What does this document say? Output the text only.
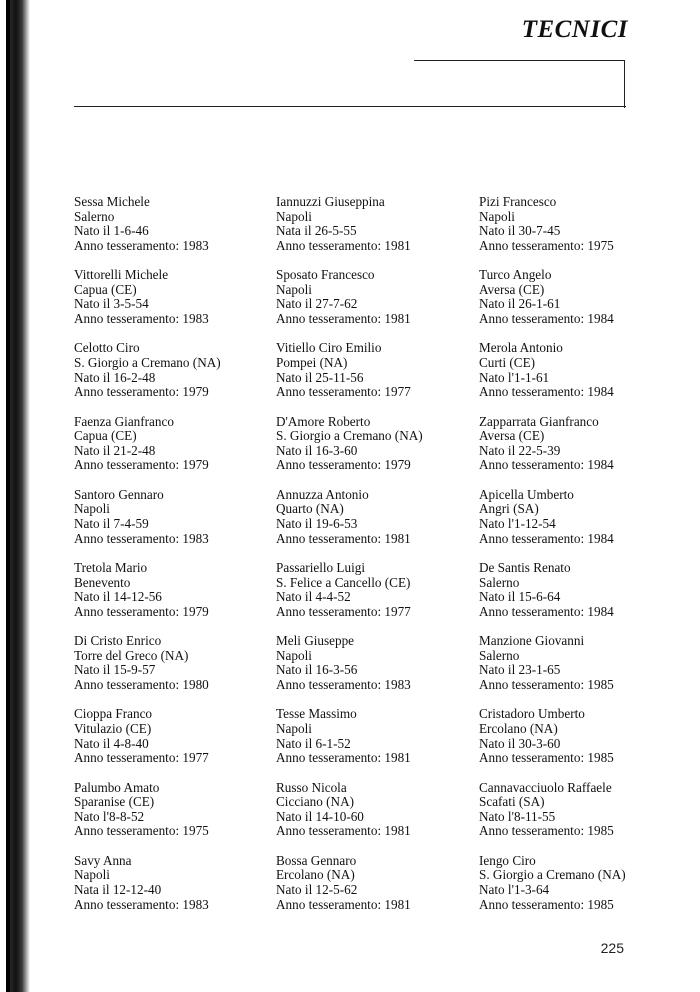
TECNICI
Sessa Michele
Salerno
Nato il 1-6-46
Anno tesseramento: 1983
Vittorelli Michele
Capua (CE)
Nato il 3-5-54
Anno tesseramento: 1983
Celotto Ciro
S. Giorgio a Cremano (NA)
Nato il 16-2-48
Anno tesseramento: 1979
Faenza Gianfranco
Capua (CE)
Nato il 21-2-48
Anno tesseramento: 1979
Santoro Gennaro
Napoli
Nato il 7-4-59
Anno tesseramento: 1983
Tretola Mario
Benevento
Nato il 14-12-56
Anno tesseramento: 1979
Di Cristo Enrico
Torre del Greco (NA)
Nato il 15-9-57
Anno tesseramento: 1980
Cioppa Franco
Vitulazio (CE)
Nato il 4-8-40
Anno tesseramento: 1977
Palumbo Amato
Sparanise (CE)
Nato l'8-8-52
Anno tesseramento: 1975
Savy Anna
Napoli
Nata il 12-12-40
Anno tesseramento: 1983
Iannuzzi Giuseppina
Napoli
Nata il 26-5-55
Anno tesseramento: 1981
Sposato Francesco
Napoli
Nato il 27-7-62
Anno tesseramento: 1981
Vitiello Ciro Emilio
Pompei (NA)
Nato il 25-11-56
Anno tesseramento: 1977
D'Amore Roberto
S. Giorgio a Cremano (NA)
Nato il 16-3-60
Anno tesseramento: 1979
Annuzza Antonio
Quarto (NA)
Nato il 19-6-53
Anno tesseramento: 1981
Passariello Luigi
S. Felice a Cancello (CE)
Nato il 4-4-52
Anno tesseramento: 1977
Meli Giuseppe
Napoli
Nato il 16-3-56
Anno tesseramento: 1983
Tesse Massimo
Napoli
Nato il 6-1-52
Anno tesseramento: 1981
Russo Nicola
Cicciano (NA)
Nato il 14-10-60
Anno tesseramento: 1981
Bossa Gennaro
Ercolano (NA)
Nato il 12-5-62
Anno tesseramento: 1981
Pizi Francesco
Napoli
Nato il 30-7-45
Anno tesseramento: 1975
Turco Angelo
Aversa (CE)
Nato il 26-1-61
Anno tesseramento: 1984
Merola Antonio
Curti (CE)
Nato l'1-1-61
Anno tesseramento: 1984
Zapparrata Gianfranco
Aversa (CE)
Nato il 22-5-39
Anno tesseramento: 1984
Apicella Umberto
Angri (SA)
Nato l'1-12-54
Anno tesseramento: 1984
De Santis Renato
Salerno
Nato il 15-6-64
Anno tesseramento: 1984
Manzione Giovanni
Salerno
Nato il 23-1-65
Anno tesseramento: 1985
Cristadoro Umberto
Ercolano (NA)
Nato il 30-3-60
Anno tesseramento: 1985
Cannavacciuolo Raffaele
Scafati (SA)
Nato l'8-11-55
Anno tesseramento: 1985
Iengo Ciro
S. Giorgio a Cremano (NA)
Nato l'1-3-64
Anno tesseramento: 1985
225
